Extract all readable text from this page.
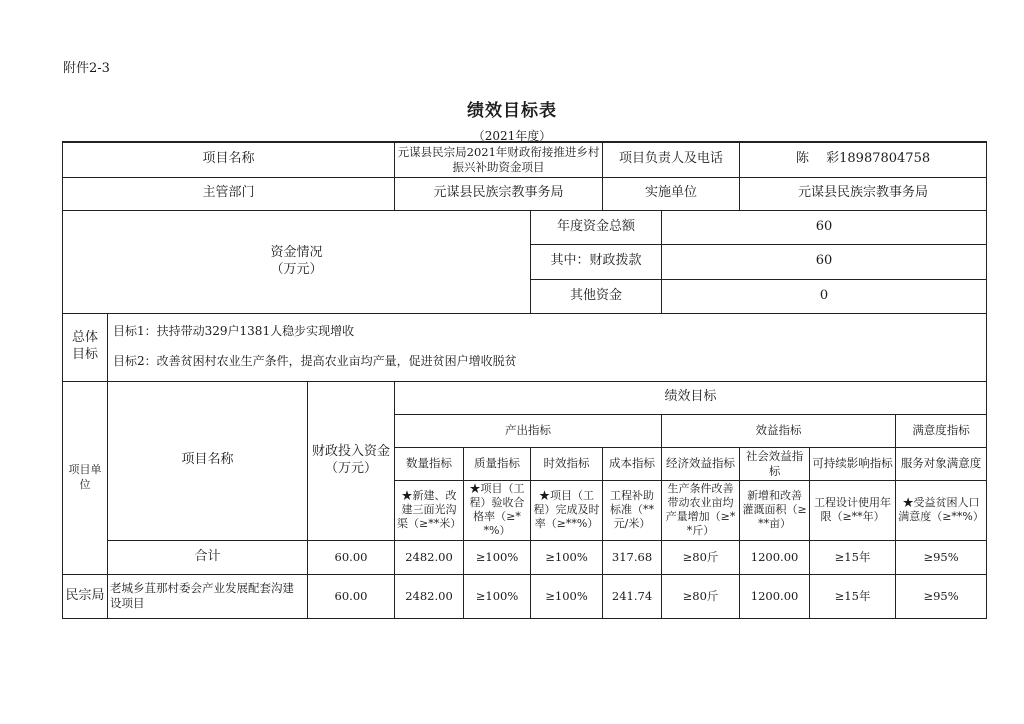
附件2-3
绩效目标表
（2021年度）
项目名称			元谋县民宗局2021年财政衔接推进乡村振兴补助资金项目			项目负责人及电话		陈　 彩18987804758		
主管部门			元谋县民族宗教事务局			实施单位		元谋县民族宗教事务局		
资金情况
（万元）					年度资金总额		60			
					其中：财政拨款		60			
					其他资金		0			
总体
目标	目标1：扶持带动329户1381人稳步实现增收
目标2：改善贫困村农业生产条件，提高农业亩均产量，促进贫困户增收脱贫									

项目单位	项目名称	财政投入资金（万元）	绩效目标							
			产出指标				效益指标			满意度指标
			数量指标	质量指标	时效指标	成本指标	经济效益指标	社会效益指标	可持续影响指标	服务对象满意度
			★新建、改建三面光沟渠（≥**米）	★项目（工程）验收合格率（≥**%）	★项目（工程）完成及时率（≥**%）	工程补助标准（**元/米）	生产条件改善带动农业亩均产量增加（≥**斤）	新增和改善灌溉面积（≥**亩）	工程设计使用年限（≥**年）	★受益贫困人口满意度（≥**%）
	合计	60.00	2482.00	≥100%	≥100%	317.68	≥80斤	1200.00	≥15年	≥95%
民宗局	老城乡苴那村委会产业发展配套沟建设项目	60.00	2482.00	≥100%	≥100%	241.74	≥80斤	1200.00	≥15年	≥95%
